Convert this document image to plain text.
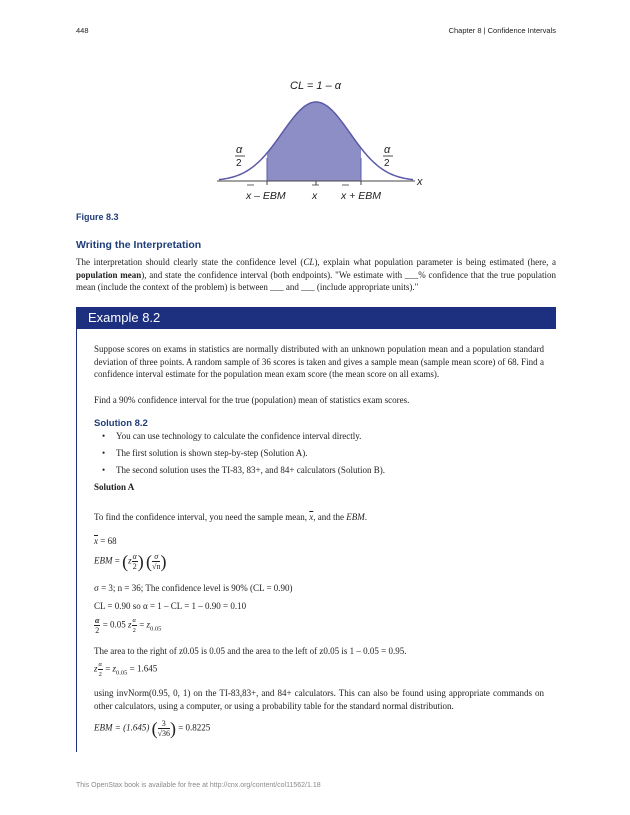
448	Chapter 8 | Confidence Intervals
CL = 1 – α
α
2
α
2
x
x – EBM	x x + EBM
Figure 8.3
Writing the Interpretation
The interpretation should clearly state the confidence level (CL), explain what population parameter is being estimated (here, a population mean), and state the confidence interval (both endpoints). "We estimate with ___% confidence that the true population mean (include the context of the problem) is between ___ and ___ (include appropriate units)."
Example 8.2
Suppose scores on exams in statistics are normally distributed with an unknown population mean and a population standard deviation of three points. A random sample of 36 scores is taken and gives a sample mean (sample mean score) of 68. Find a confidence interval estimate for the population mean exam score (the mean score on all exams).
Find a 90% confidence interval for the true (population) mean of statistics exam scores.
Solution 8.2
• You can use technology to calculate the confidence interval directly.
• The first solution is shown step-by-step (Solution A).
• The second solution uses the TI-83, 83+, and 84+ calculators (Solution B).
Solution A
To find the confidence interval, you need the sample mean, $\overline{x}$, and the EBM.
$\overline{x} = 68$
EBM = ($z \frac{\alpha}{2}$ ) ( $\frac{\sigma}{√n}$ )
σ = 3; n = 36; The confidence level is 90% (CL = 0.90)
CL = 0.90 so α = 1 – CL = 1 – 0.90 = 0.10
$\frac{\alpha}{2} = 0.05$ z $\frac{\alpha}{2} = z_{0.05}$
The area to the right of z0.05 is 0.05 and the area to the left of z0.05 is 1 – 0.05 = 0.95.
z $\frac{\alpha}{2} = z_{0.05} = 1.645$
using invNorm(0.95, 0, 1) on the TI-83,83+, and 84+ calculators. This can also be found using appropriate commands on other calculators, using a computer, or using a probability table for the standard normal distribution.
EBM = (1.645) ( $\frac{3}{√36}$ ) = 0.8225
This OpenStax book is available for free at http://cnx.org/content/col11562/1.18
